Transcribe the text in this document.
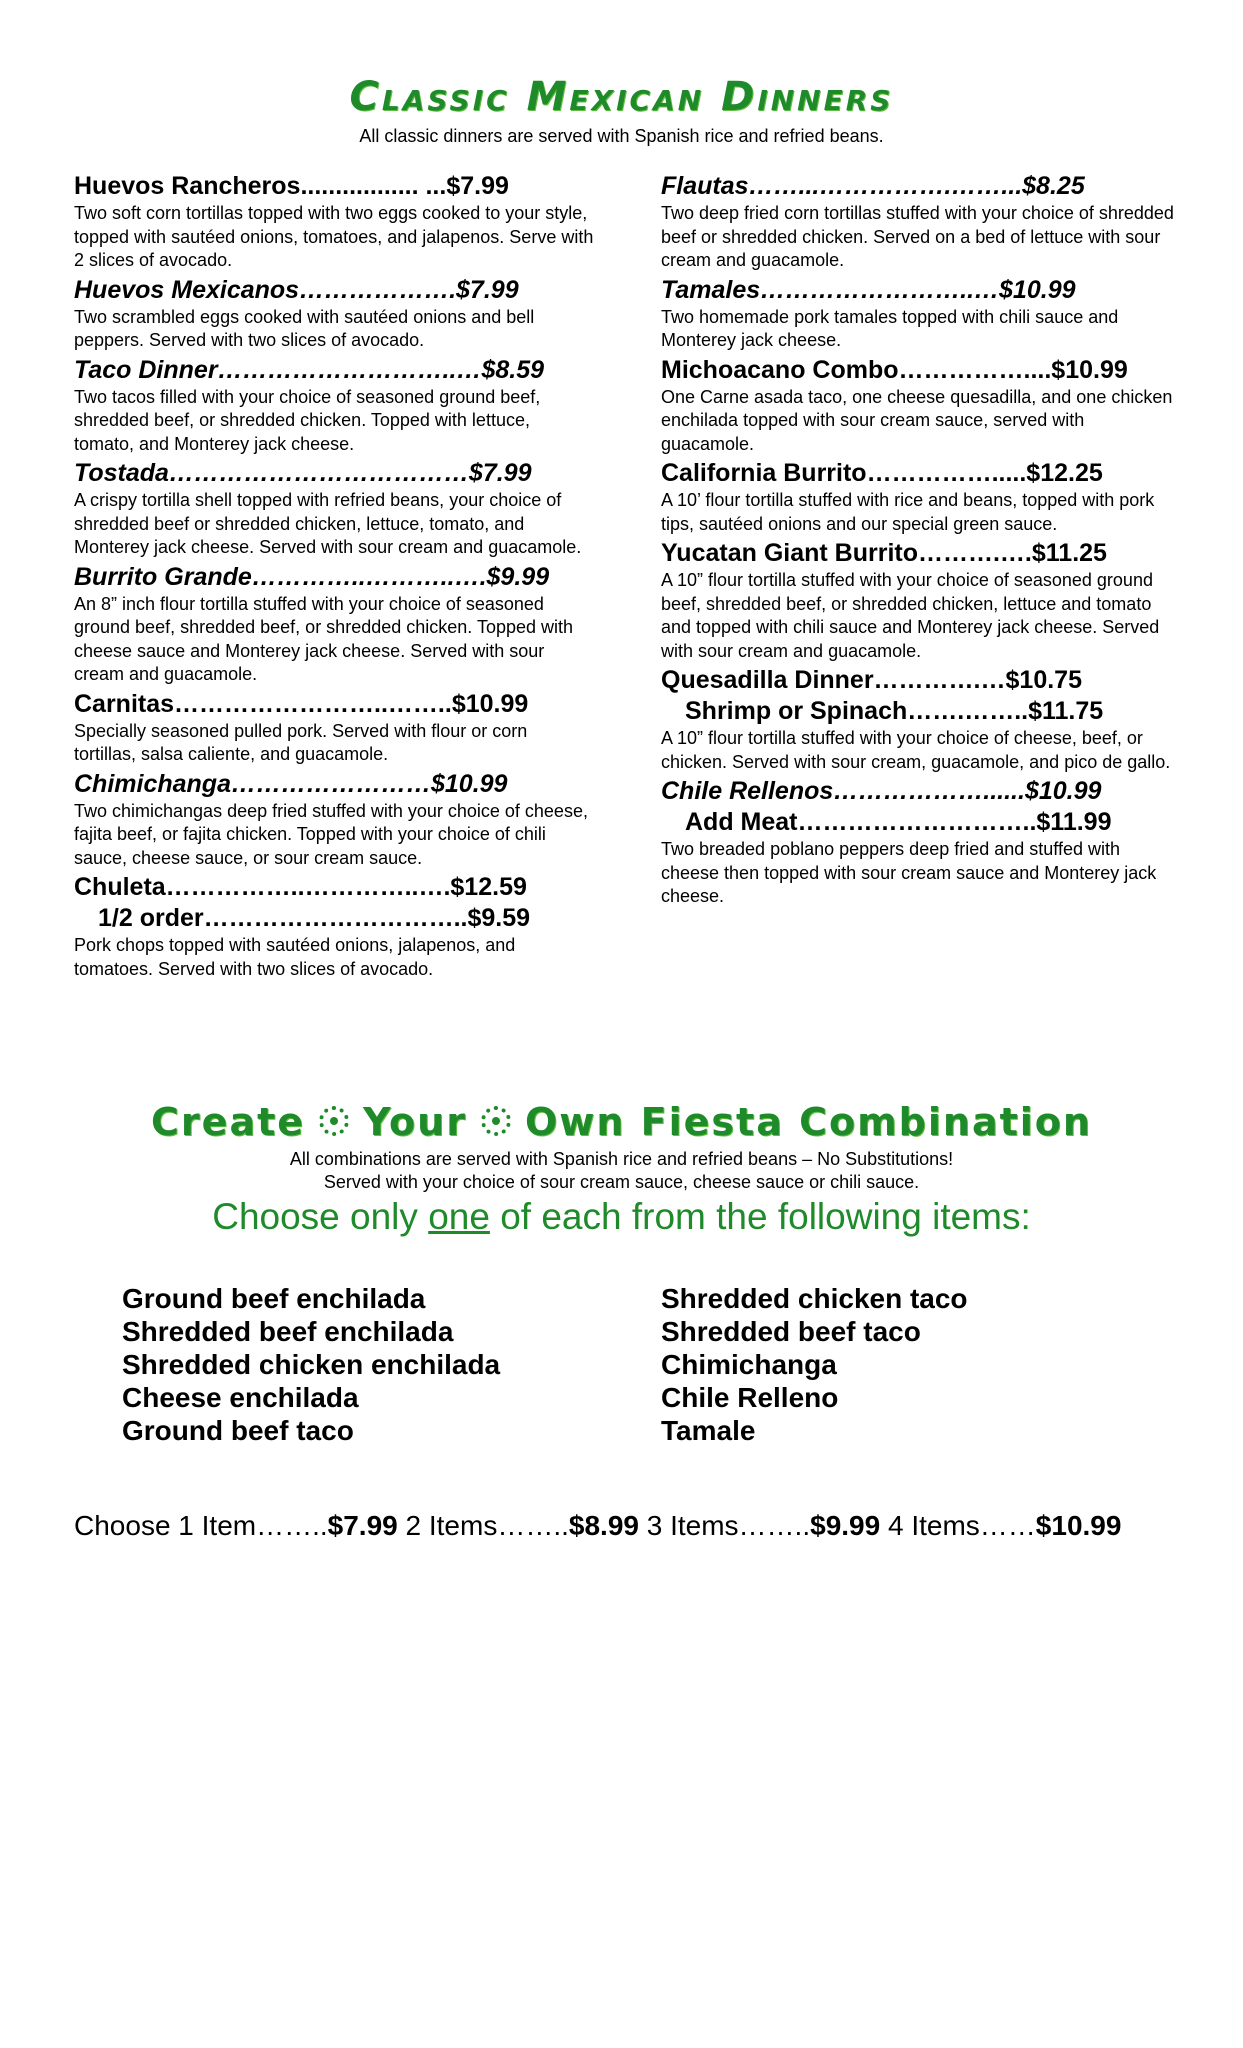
Classic Mexican Dinners
All classic dinners are served with Spanish rice and refried beans.
Huevos Rancheros................. ...$7.99
Two soft corn tortillas topped with two eggs cooked to your style, topped with sautéed onions, tomatoes, and jalapenos. Serve with 2 slices of avocado.
Huevos Mexicanos……………….$7.99
Two scrambled eggs cooked with sautéed onions and bell peppers. Served with two slices of avocado.
Taco Dinner………………………..…$8.59
Two tacos filled with your choice of seasoned ground beef, shredded beef, or shredded chicken. Topped with lettuce, tomato, and Monterey jack cheese.
Tostada………………………………$7.99
A crispy tortilla shell topped with refried beans, your choice of shredded beef or shredded chicken, lettuce, tomato, and Monterey jack cheese. Served with sour cream and guacamole.
Burrito Grande…………..………..….$9.99
An 8” inch flour tortilla stuffed with your choice of seasoned ground beef, shredded beef, or shredded chicken. Topped with cheese sauce and Monterey jack cheese. Served with sour cream and guacamole.
Carnitas……………………..……..$10.99
Specially seasoned pulled pork. Served with flour or corn tortillas, salsa caliente, and guacamole.
Chimichanga……………………$10.99
Two chimichangas deep fried stuffed with your choice of cheese, fajita beef, or fajita chicken. Topped with your choice of chili sauce, cheese sauce, or sour cream sauce.
Chuleta……………..…………..….$12.59
1/2 order…………………………..$9.59
Pork chops topped with sautéed onions, jalapenos, and tomatoes. Served with two slices of avocado.
Flautas……...…………….……...$8.25
Two deep fried corn tortillas stuffed with your choice of shredded beef or shredded chicken. Served on a bed of lettuce with sour cream and guacamole.
Tamales……………………..…$10.99
Two homemade pork tamales topped with chili sauce and Monterey jack cheese.
Michoacano Combo……………....$10.99
One Carne asada taco, one cheese quesadilla, and one chicken enchilada topped with sour cream sauce, served with guacamole.
California Burrito…………….....$12.25
A 10’ flour tortilla stuffed with rice and beans, topped with pork tips, sautéed onions and our special green sauce.
Yucatan Giant Burrito……….….$11.25
A 10” flour tortilla stuffed with your choice of seasoned ground beef, shredded beef, or shredded chicken, lettuce and tomato and topped with chili sauce and Monterey jack cheese. Served with sour cream and guacamole.
Quesadilla Dinner………….…$10.75
Shrimp or Spinach…….……..$11.75
A 10” flour tortilla stuffed with your choice of cheese, beef, or chicken. Served with sour cream, guacamole, and pico de gallo.
Chile Rellenos………………......$10.99
Add Meat………………………..$11.99
Two breaded poblano peppers deep fried and stuffed with cheese then topped with sour cream sauce and Monterey jack cheese.
Create Your Own Fiesta Combination
All combinations are served with Spanish rice and refried beans – No Substitutions!
Served with your choice of sour cream sauce, cheese sauce or chili sauce.
Choose only one of each from the following items:
Ground beef enchilada
Shredded beef enchilada
Shredded chicken enchilada
Cheese enchilada
Ground beef taco
Shredded chicken taco
Shredded beef taco
Chimichanga
Chile Relleno
Tamale
Choose 1 Item……..$7.99 2 Items……..$8.99 3 Items……..$9.99 4 Items……$10.99
